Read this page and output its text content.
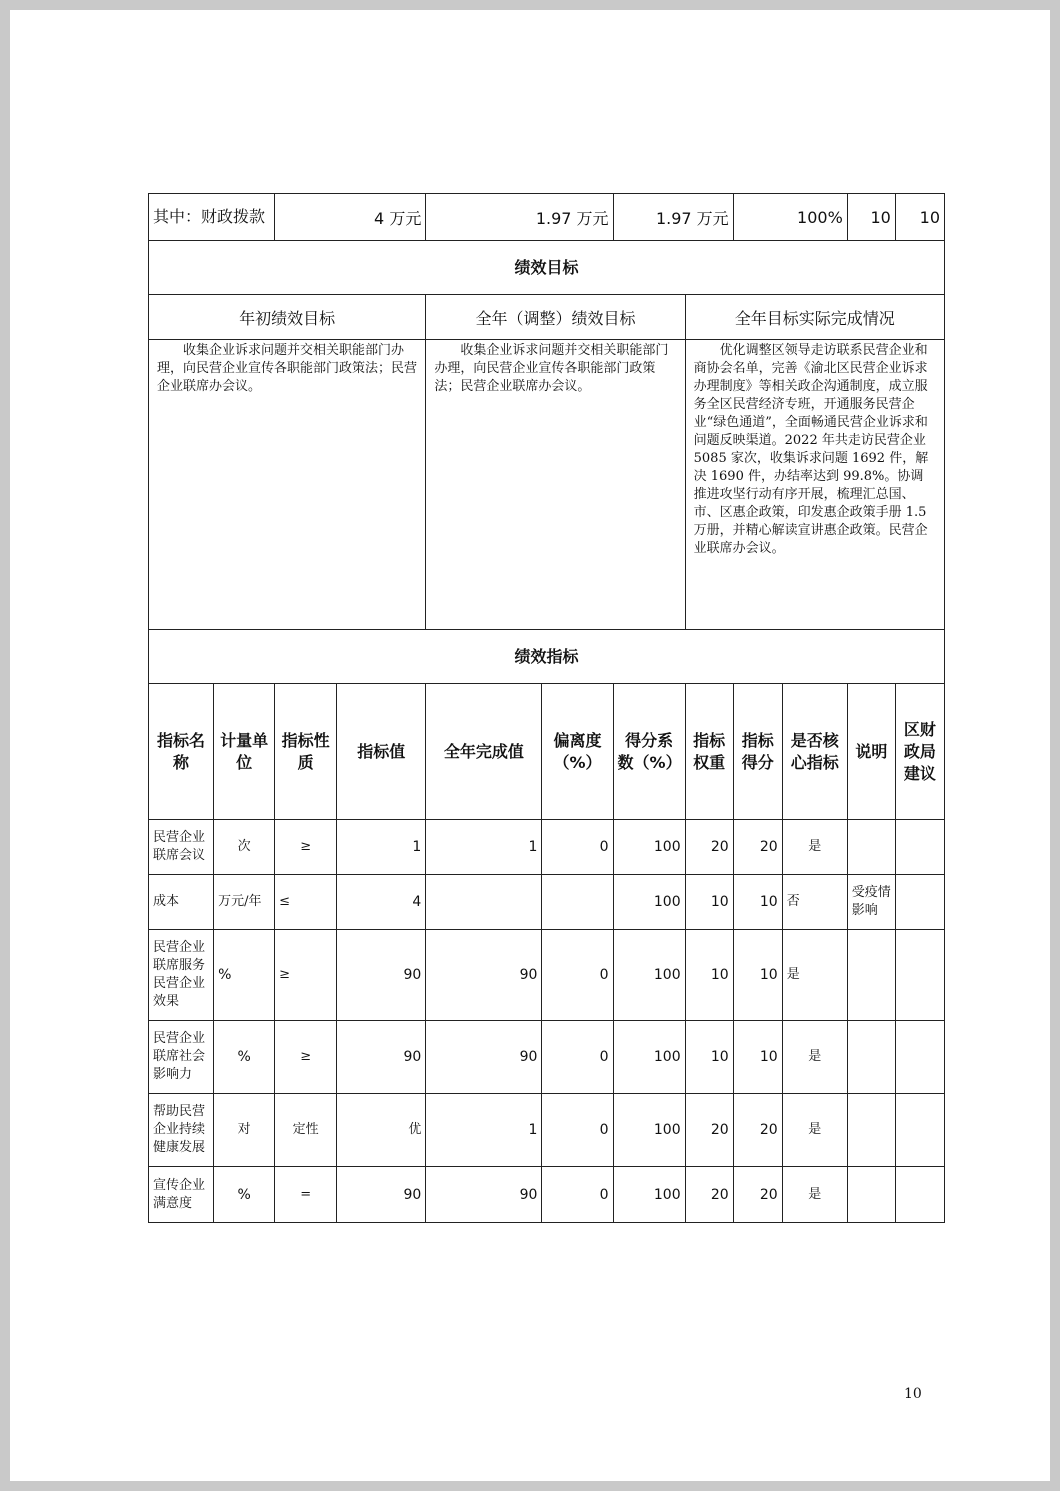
其中：财政拨款		4 万元		1.97 万元		1.97 万元		100%		10	10
绩效目标											
年初绩效目标				全年（调整）绩效目标			全年目标实际完成情况				
收集企业诉求问题并交相关职能部门办理，向民营企业宣传各职能部门政策法；民营企业联席办会议。				收集企业诉求问题并交相关职能部门办理，向民营企业宣传各职能部门政策法；民营企业联席办会议。			优化调整区领导走访联系民营企业和商协会名单，完善《渝北区民营企业诉求办理制度》等相关政企沟通制度，成立服务全区民营经济专班，开通服务民营企业“绿色通道”，全面畅通民营企业诉求和问题反映渠道。2022 年共走访民营企业 5085 家次，收集诉求问题 1692 件，解决 1690 件，办结率达到 99.8%。协调推进攻坚行动有序开展，梳理汇总国、市、区惠企政策，印发惠企政策手册 1.5 万册，并精心解读宣讲惠企政策。民营企业联席办会议。				
绩效指标											
指标名称	计量单位	指标性质	指标值	全年完成值	偏离度（%）	得分系数（%）	指标权重	指标得分	是否核心指标	说明	区财政局建议
民营企业联席会议	次	≥	1	1	0	100	20	20	是		
成本	万元/年	≤	4			100	10	10	否	受疫情影响	
民营企业联席服务民营企业效果	%	≥	90	90	0	100	10	10	是		
民营企业联席社会影响力	%	≥	90	90	0	100	10	10	是		
帮助民营企业持续健康发展	对	定性	优	1	0	100	20	20	是		
宣传企业满意度	%	=	90	90	0	100	20	20	是		
10
